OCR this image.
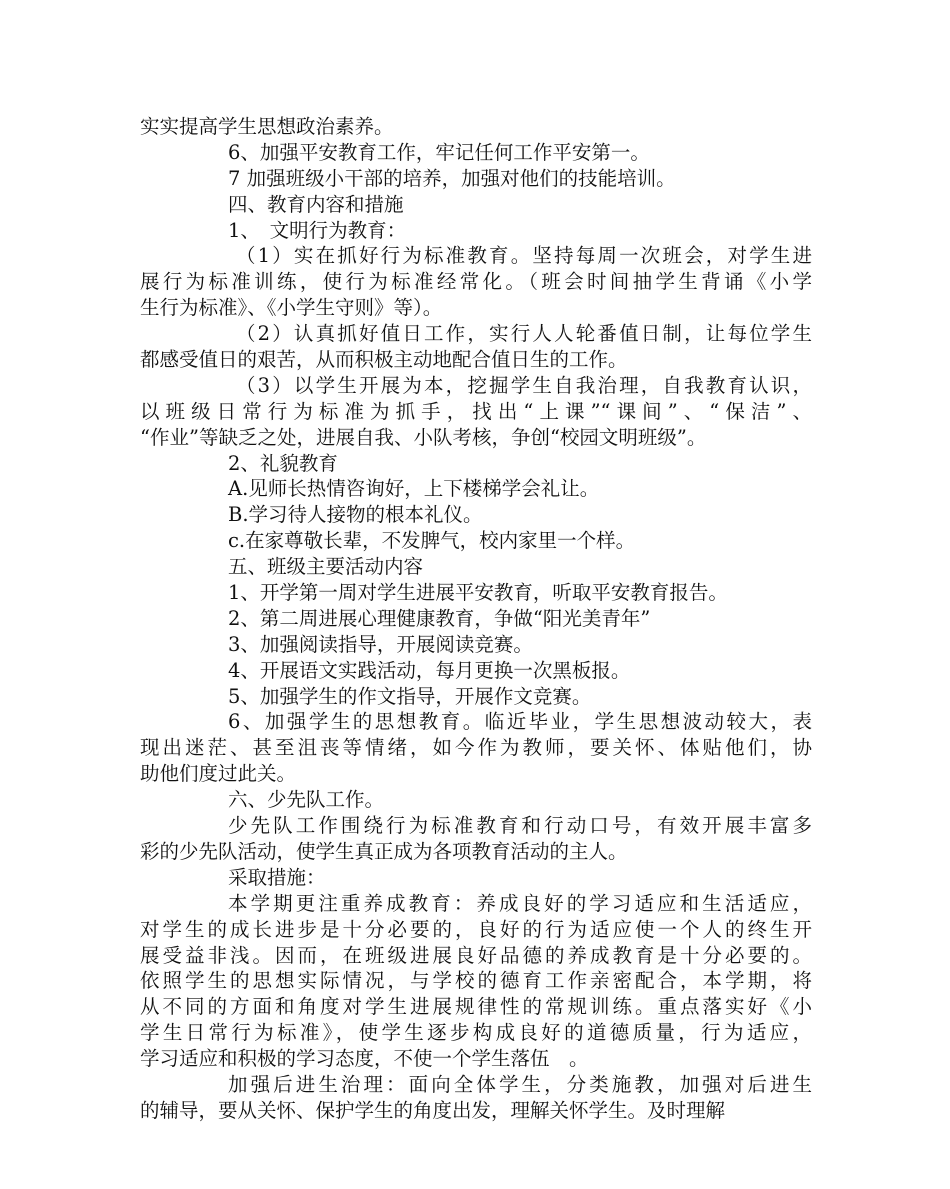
实实提高学生思想政治素养。
6、加强平安教育工作，牢记任何工作平安第一。
7 加强班级小干部的培养，加强对他们的技能培训。
四、教育内容和措施
1、　文明行为教育：
（1）实在抓好行为标准教育。坚持每周一次班会，对学生进
展行为标准训练，使行为标准经常化。（班会时间抽学生背诵《小学
生行为标准》、《小学生守则》等）。
（2）认真抓好值日工作，实行人人轮番值日制，让每位学生
都感受值日的艰苦，从而积极主动地配合值日生的工作。
（3）以学生开展为本，挖掘学生自我治理，自我教育认识，
以班级日常行为标准为抓手，找出“上课”“课间”、“保洁”、
“作业”等缺乏之处，进展自我、小队考核，争创“校园文明班级”。
2、礼貌教育
A.见师长热情咨询好，上下楼梯学会礼让。
B.学习待人接物的根本礼仪。
c.在家尊敬长辈，不发脾气，校内家里一个样。
五、班级主要活动内容
1、开学第一周对学生进展平安教育，听取平安教育报告。
2、第二周进展心理健康教育，争做“阳光美青年”
3、加强阅读指导，开展阅读竞赛。
4、开展语文实践活动，每月更换一次黑板报。
5、加强学生的作文指导，开展作文竞赛。
6、加强学生的思想教育。临近毕业，学生思想波动较大，表
现出迷茫、甚至沮丧等情绪，如今作为教师，要关怀、体贴他们，协
助他们度过此关。
六、少先队工作。
少先队工作围绕行为标准教育和行动口号，有效开展丰富多
彩的少先队活动，使学生真正成为各项教育活动的主人。
采取措施：
本学期更注重养成教育：养成良好的学习适应和生活适应，
对学生的成长进步是十分必要的，良好的行为适应使一个人的终生开
展受益非浅。因而，在班级进展良好品德的养成教育是十分必要的。
依照学生的思想实际情况，与学校的德育工作亲密配合，本学期，将
从不同的方面和角度对学生进展规律性的常规训练。重点落实好《小
学生日常行为标准》，使学生逐步构成良好的道德质量，行为适应，
学习适应和积极的学习态度，不使一个学生落伍　。
加强后进生治理：面向全体学生，分类施教，加强对后进生
的辅导，要从关怀、保护学生的角度出发，理解关怀学生。及时理解
